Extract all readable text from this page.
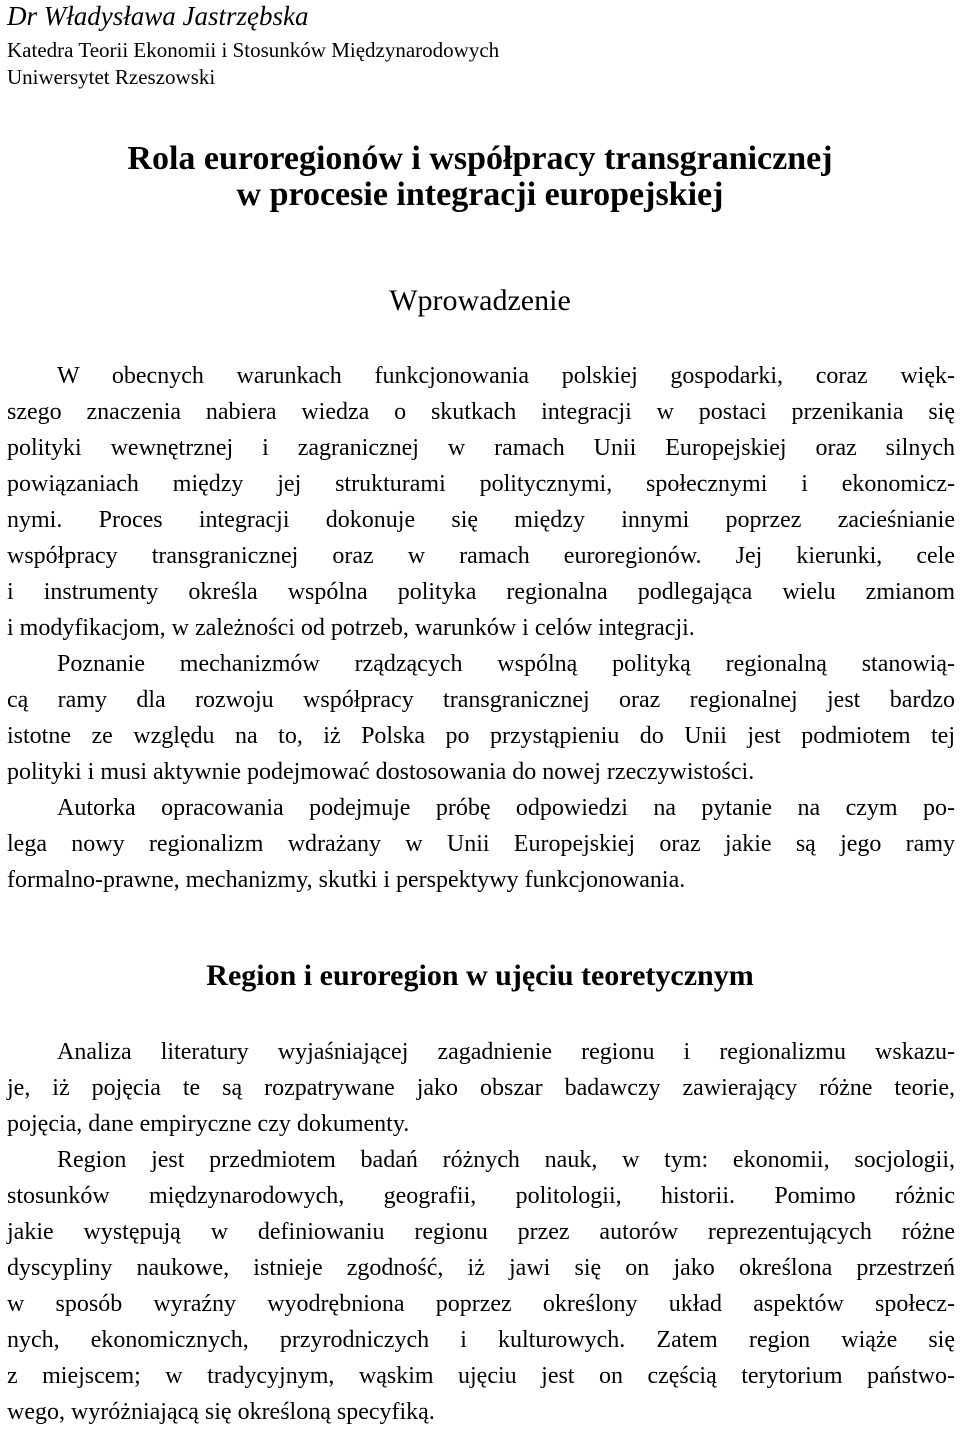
Dr Władysława Jastrzębska
Katedra Teorii Ekonomii i Stosunków Międzynarodowych
Uniwersytet Rzeszowski
Rola euroregionów i współpracy transgranicznej
w procesie integracji europejskiej
Wprowadzenie
W obecnych warunkach funkcjonowania polskiej gospodarki, coraz więk-
szego znaczenia nabiera wiedza o skutkach integracji w postaci przenikania się
polityki wewnętrznej i zagranicznej w ramach Unii Europejskiej oraz silnych
powiązaniach między jej strukturami politycznymi, społecznymi i ekonomicz-
nymi. Proces integracji dokonuje się między innymi poprzez zacieśnianie
współpracy transgranicznej oraz w ramach euroregionów. Jej kierunki, cele
i instrumenty określa wspólna polityka regionalna podlegająca wielu zmianom
i modyfikacjom, w zależności od potrzeb, warunków i celów integracji.
Poznanie mechanizmów rządzących wspólną polityką regionalną stanowią-
cą ramy dla rozwoju współpracy transgranicznej oraz regionalnej jest bardzo
istotne ze względu na to, iż Polska po przystąpieniu do Unii jest podmiotem tej
polityki i musi aktywnie podejmować dostosowania do nowej rzeczywistości.
Autorka opracowania podejmuje próbę odpowiedzi na pytanie na czym po-
lega nowy regionalizm wdrażany w Unii Europejskiej oraz jakie są jego ramy
formalno-prawne, mechanizmy, skutki i perspektywy funkcjonowania.
Region i euroregion w ujęciu teoretycznym
Analiza literatury wyjaśniającej zagadnienie regionu i regionalizmu wskazu-
je, iż pojęcia te są rozpatrywane jako obszar badawczy zawierający różne teorie,
pojęcia, dane empiryczne czy dokumenty.
Region jest przedmiotem badań różnych nauk, w tym: ekonomii, socjologii,
stosunków międzynarodowych, geografii, politologii, historii. Pomimo różnic
jakie występują w definiowaniu regionu przez autorów reprezentujących różne
dyscypliny naukowe, istnieje zgodność, iż jawi się on jako określona przestrzeń
w sposób wyraźny wyodrębniona poprzez określony układ aspektów społecz-
nych, ekonomicznych, przyrodniczych i kulturowych. Zatem region wiąże się
z miejscem; w tradycyjnym, wąskim ujęciu jest on częścią terytorium państwo-
wego, wyróżniającą się określoną specyfiką.
